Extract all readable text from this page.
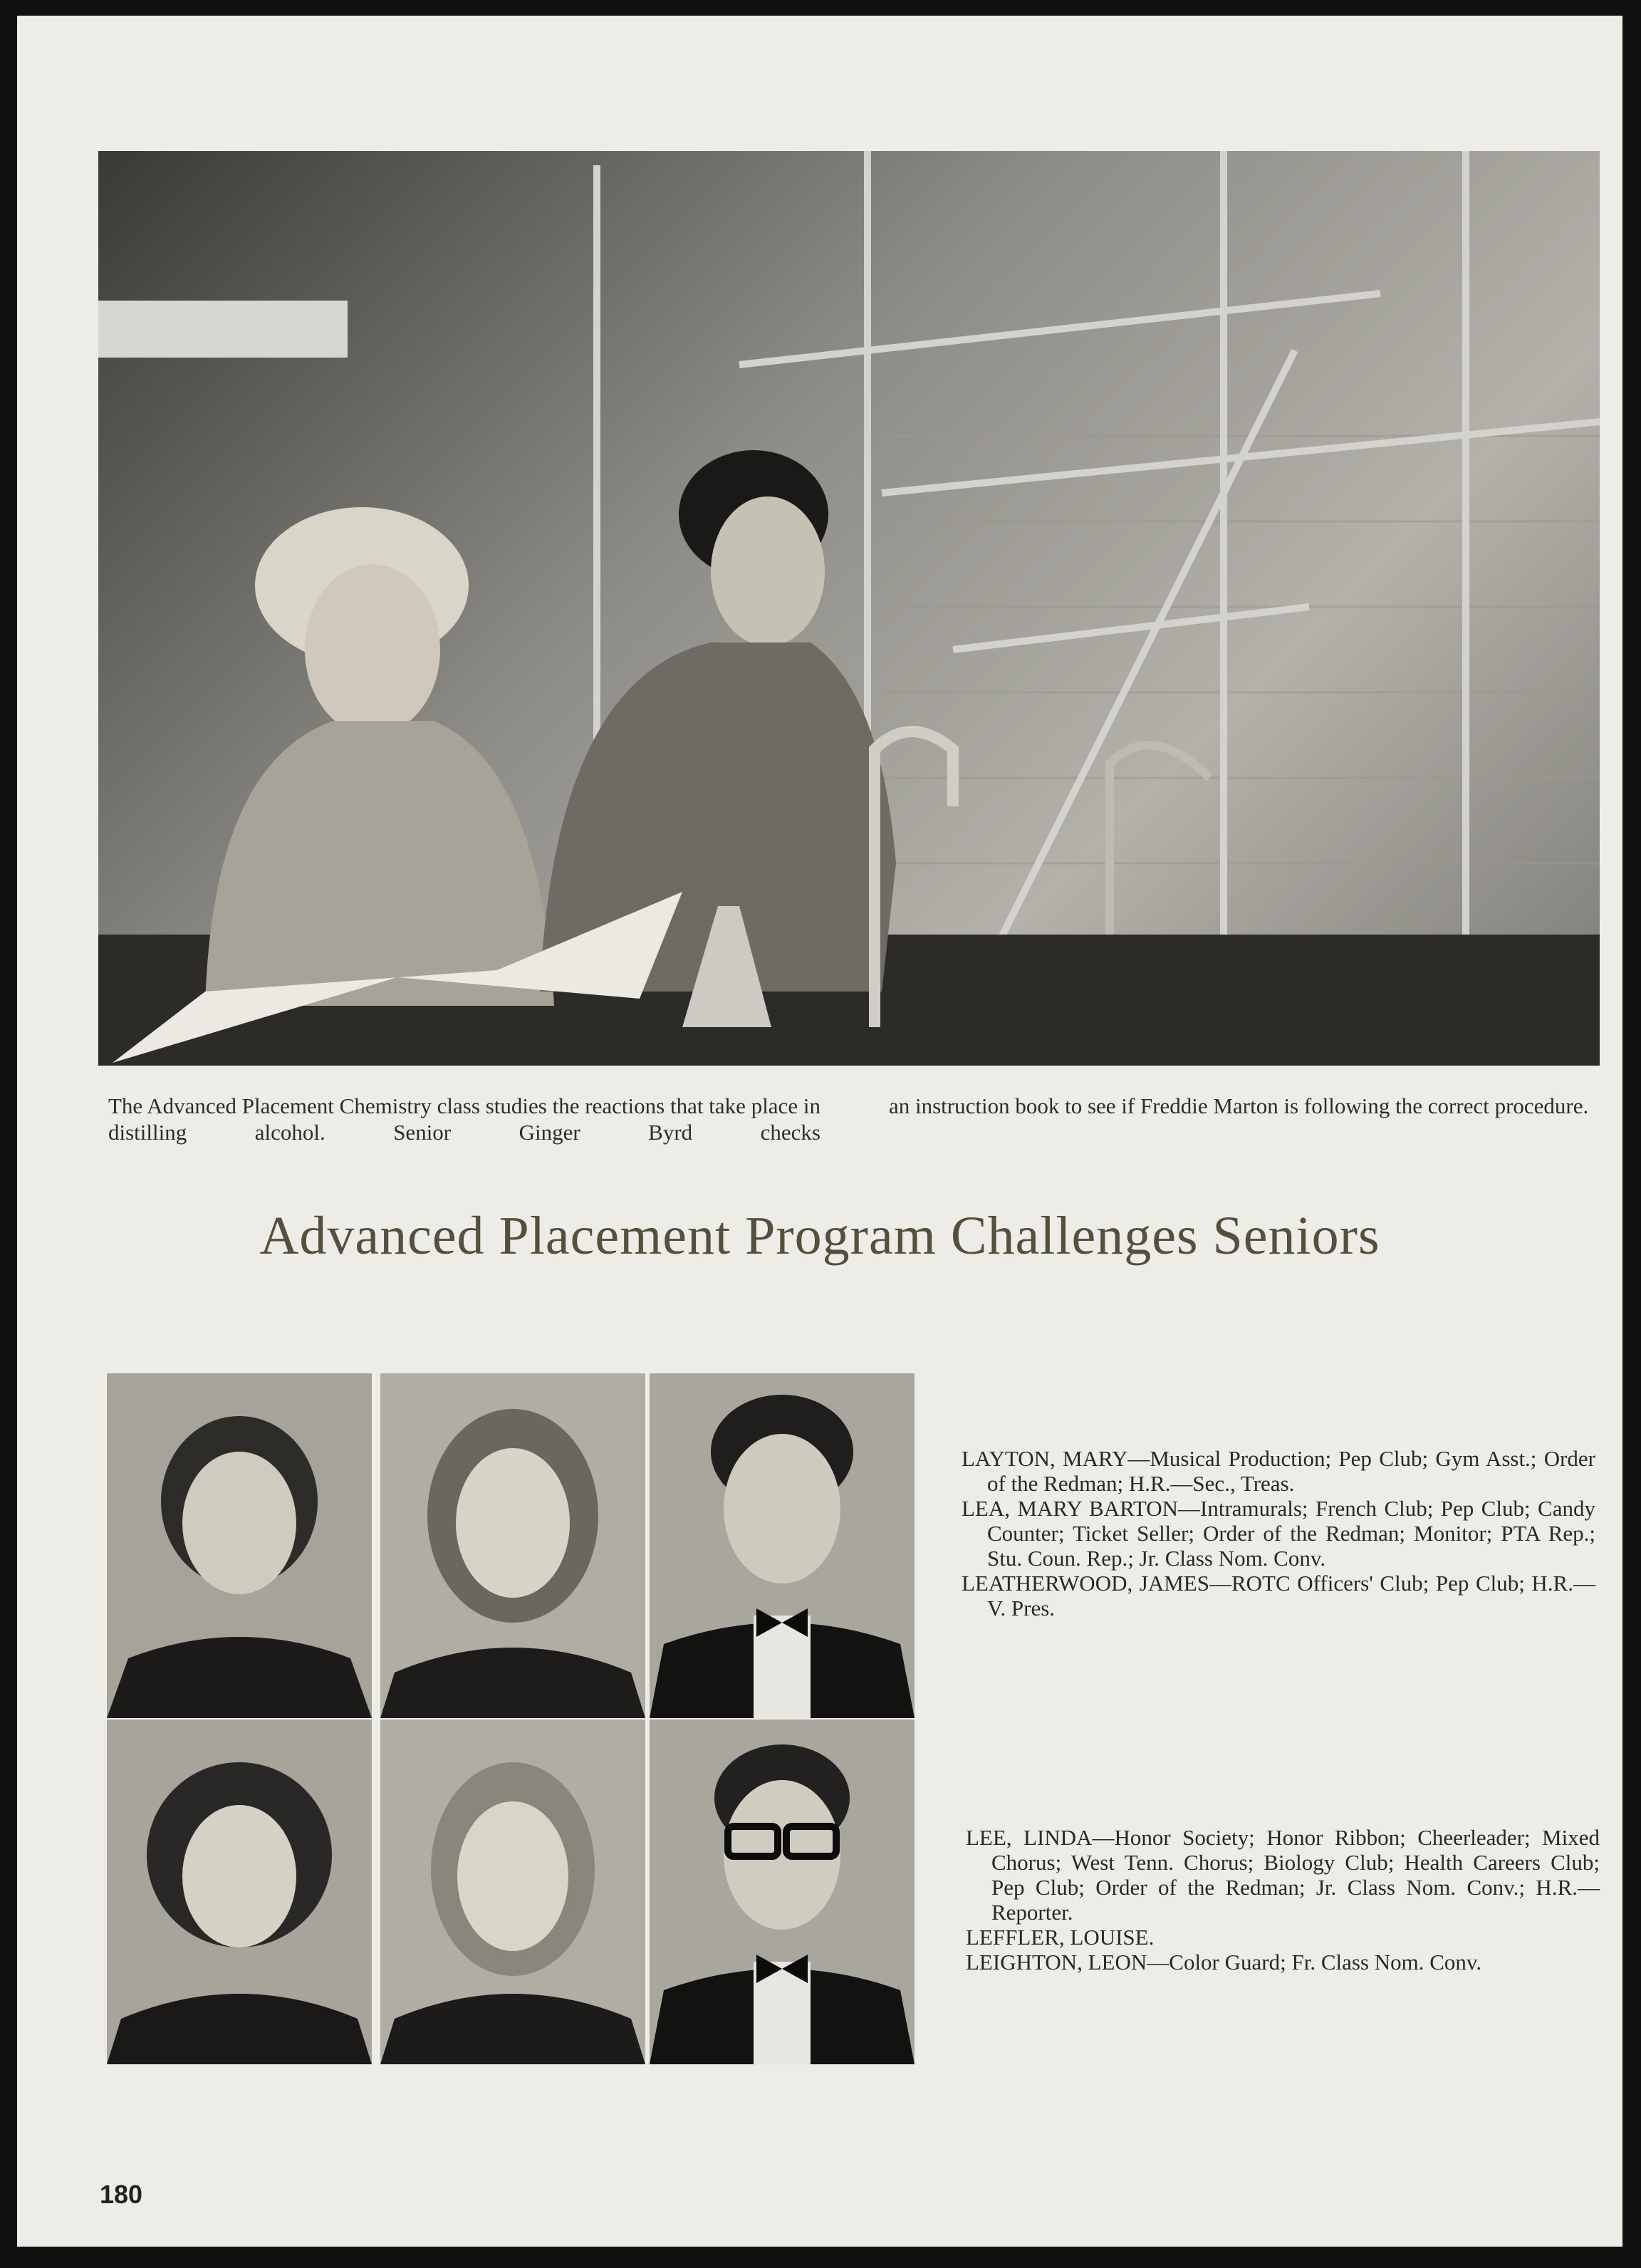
The Advanced Placement Chemistry class studies the reactions that take place in distilling alcohol. Senior Ginger Byrd checks
an instruction book to see if Freddie Marton is following the correct procedure.
Advanced Placement Program Challenges Seniors

LAYTON, MARY—Musical Production; Pep Club; Gym Asst.; Order of the Redman; H.R.—Sec., Treas.

LEA, MARY BARTON—Intramurals; French Club; Pep Club; Candy Counter; Ticket Seller; Order of the Redman; Monitor; PTA Rep.; Stu. Coun. Rep.; Jr. Class Nom. Conv.

LEATHERWOOD, JAMES—ROTC Officers' Club; Pep Club; H.R.—V. Pres.

LEE, LINDA—Honor Society; Honor Ribbon; Cheerleader; Mixed Chorus; West Tenn. Chorus; Biology Club; Health Careers Club; Pep Club; Order of the Redman; Jr. Class Nom. Conv.; H.R.—Reporter.

LEFFLER, LOUISE.

LEIGHTON, LEON—Color Guard; Fr. Class Nom. Conv.

180
